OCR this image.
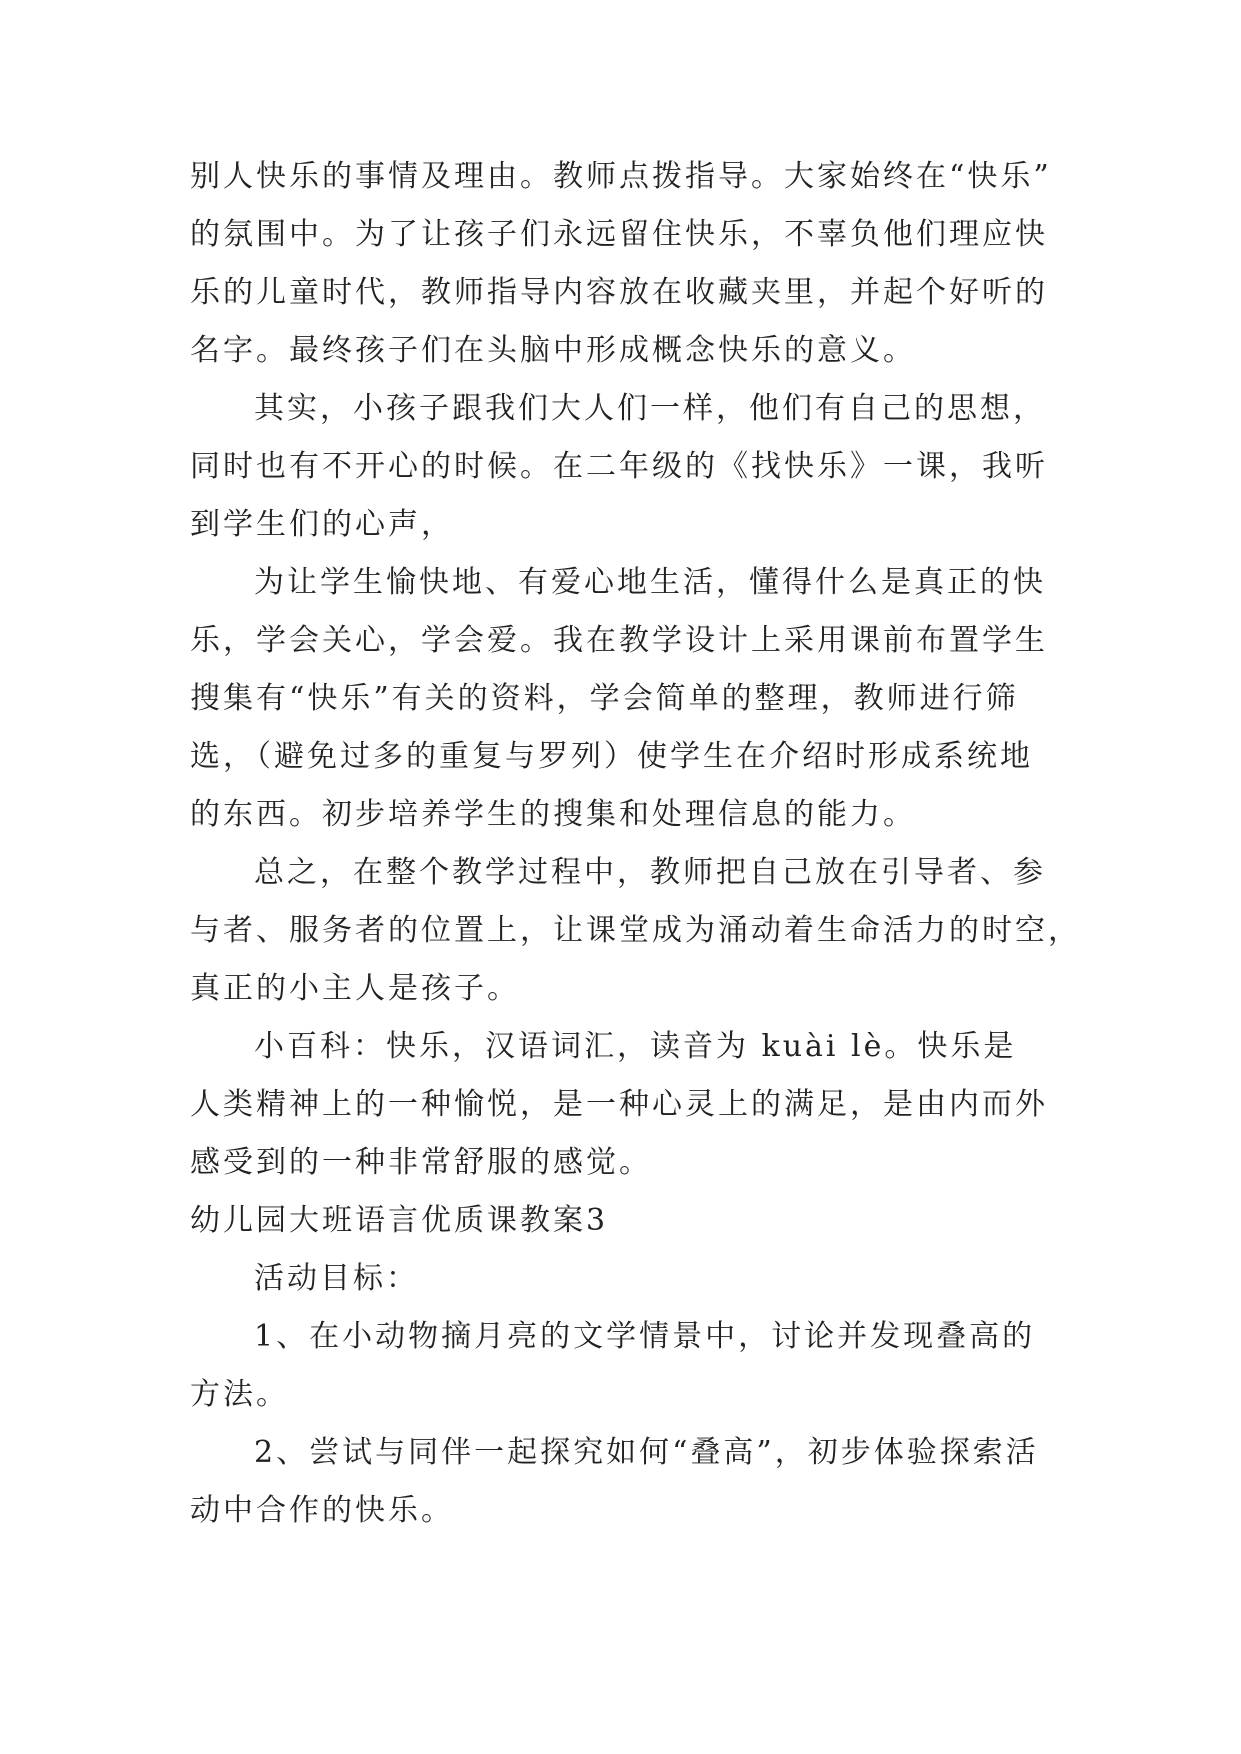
别人快乐的事情及理由。教师点拨指导。大家始终在“快乐”
的氛围中。为了让孩子们永远留住快乐，不辜负他们理应快
乐的儿童时代，教师指导内容放在收藏夹里，并起个好听的
名字。最终孩子们在头脑中形成概念快乐的意义。
其实，小孩子跟我们大人们一样，他们有自己的思想，
同时也有不开心的时候。在二年级的《找快乐》一课，我听
到学生们的心声，
为让学生愉快地、有爱心地生活，懂得什么是真正的快
乐，学会关心，学会爱。我在教学设计上采用课前布置学生
搜集有“快乐”有关的资料，学会简单的整理，教师进行筛
选，（避免过多的重复与罗列）使学生在介绍时形成系统地
的东西。初步培养学生的搜集和处理信息的能力。
总之，在整个教学过程中，教师把自己放在引导者、参
与者、服务者的位置上，让课堂成为涌动着生命活力的时空，
真正的小主人是孩子。
小百科：快乐，汉语词汇，读音为 kuài lè。快乐是
人类精神上的一种愉悦，是一种心灵上的满足，是由内而外
感受到的一种非常舒服的感觉。
幼儿园大班语言优质课教案3
活动目标：
1、在小动物摘月亮的文学情景中，讨论并发现叠高的
方法。
2、尝试与同伴一起探究如何“叠高”，初步体验探索活
动中合作的快乐。
